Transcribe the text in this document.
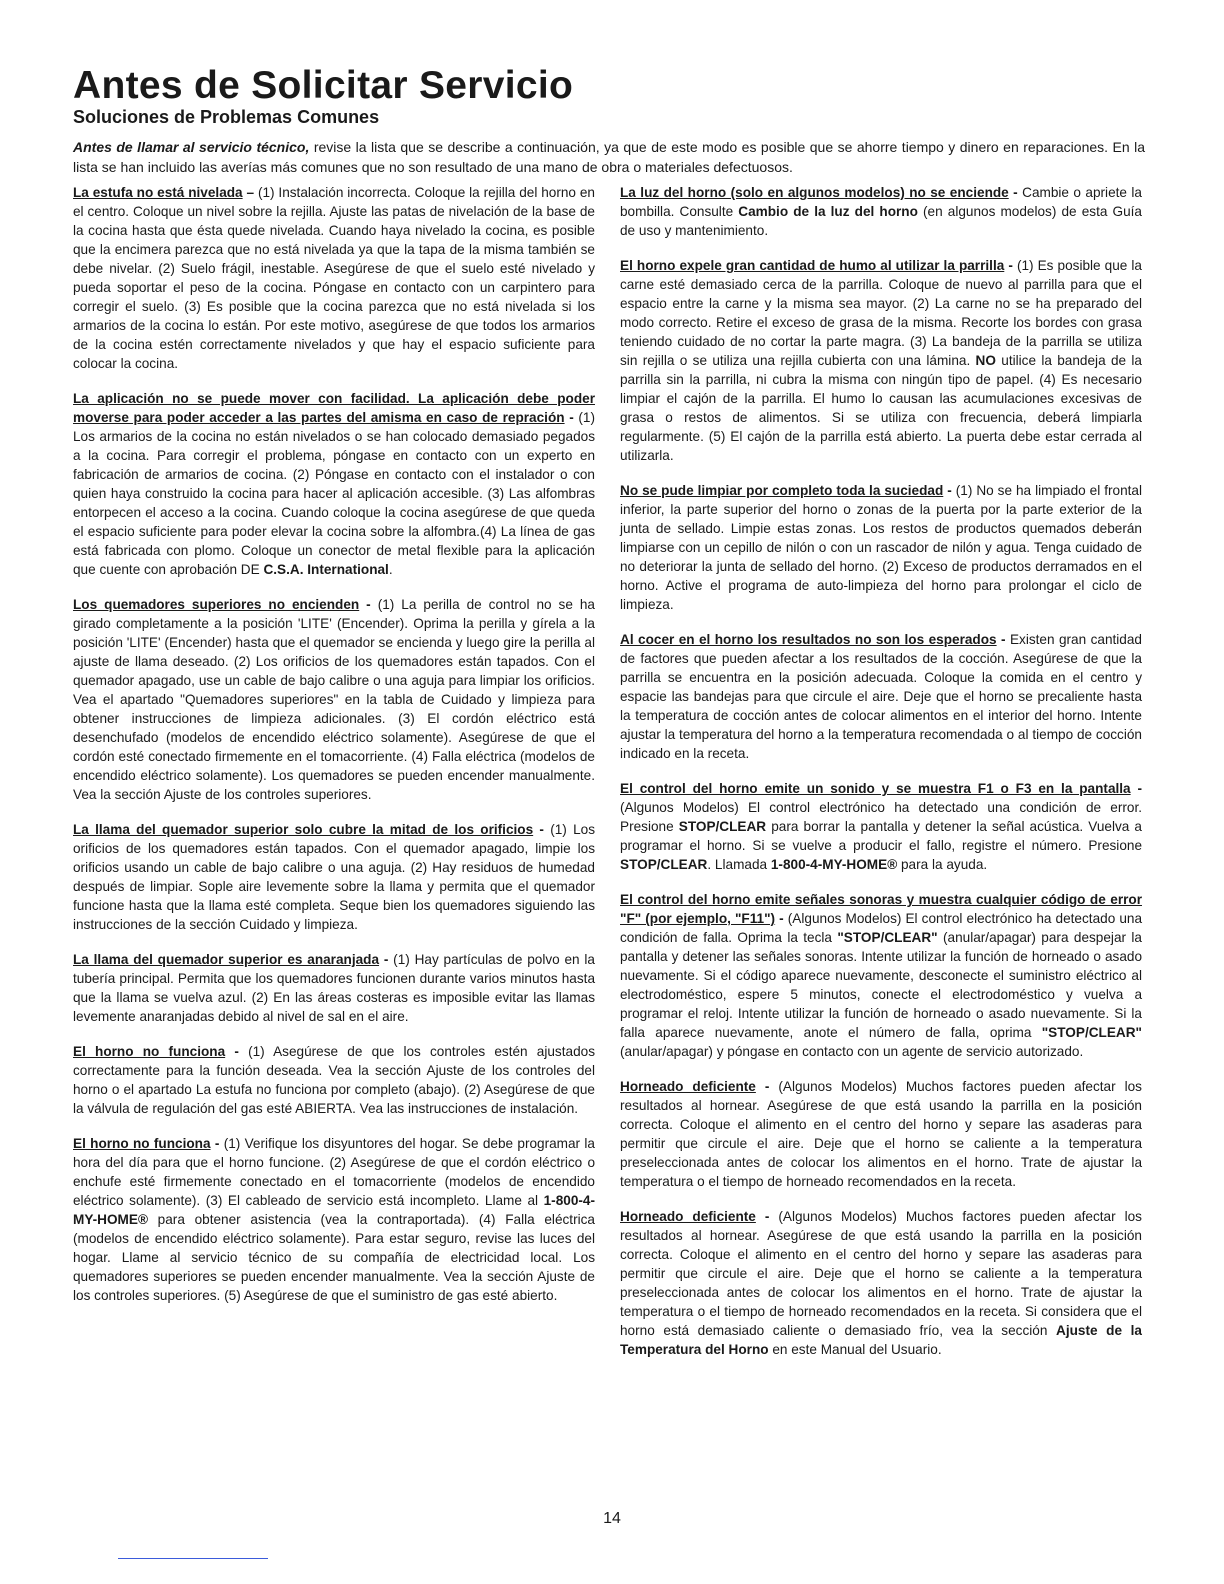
Antes de Solicitar Servicio
Soluciones de Problemas Comunes

Antes de llamar al servicio técnico, revise la lista que se describe a continuación, ya que de este modo es posible que se ahorre tiempo y dinero en reparaciones. En la lista se han incluido las averías más comunes que no son resultado de una mano de obra o materiales defectuosos.

La estufa no está nivelada – (1) Instalación incorrecta. Coloque la rejilla del horno en el centro. Coloque un nivel sobre la rejilla. Ajuste las patas de nivelación de la base de la cocina hasta que ésta quede nivelada. Cuando haya nivelado la cocina, es posible que la encimera parezca que no está nivelada ya que la tapa de la misma también se debe nivelar. (2) Suelo frágil, inestable. Asegúrese de que el suelo esté nivelado y pueda soportar el peso de la cocina. Póngase en contacto con un carpintero para corregir el suelo. (3) Es posible que la cocina parezca que no está nivelada si los armarios de la cocina lo están. Por este motivo, asegúrese de que todos los armarios de la cocina estén correctamente nivelados y que hay el espacio suficiente para colocar la cocina.

La aplicación no se puede mover con facilidad. La aplicación debe poder moverse para poder acceder a las partes del amisma en caso de repración - (1) Los armarios de la cocina no están nivelados o se han colocado demasiado pegados a la cocina. Para corregir el problema, póngase en contacto con un experto en fabricación de armarios de cocina. (2) Póngase en contacto con el instalador o con quien haya construido la cocina para hacer al aplicación accesible. (3) Las alfombras entorpecen el acceso a la cocina. Cuando coloque la cocina asegúrese de que queda el espacio suficiente para poder elevar la cocina sobre la alfombra.(4) La línea de gas está fabricada con plomo. Coloque un conector de metal flexible para la aplicación que cuente con aprobación DE C.S.A. International.

Los quemadores superiores no encienden - (1) La perilla de control no se ha girado completamente a la posición 'LITE' (Encender). Oprima la perilla y gírela a la posición 'LITE' (Encender) hasta que el quemador se encienda y luego gire la perilla al ajuste de llama deseado. (2) Los orificios de los quemadores están tapados. Con el quemador apagado, use un cable de bajo calibre o una aguja para limpiar los orificios. Vea el apartado "Quemadores superiores" en la tabla de Cuidado y limpieza para obtener instrucciones de limpieza adicionales. (3) El cordón eléctrico está desenchufado (modelos de encendido eléctrico solamente). Asegúrese de que el cordón esté conectado firmemente en el tomacorriente. (4) Falla eléctrica (modelos de encendido eléctrico solamente). Los quemadores se pueden encender manualmente. Vea la sección Ajuste de los controles superiores.

La llama del quemador superior solo cubre la mitad de los orificios - (1) Los orificios de los quemadores están tapados. Con el quemador apagado, limpie los orificios usando un cable de bajo calibre o una aguja. (2) Hay residuos de humedad después de limpiar. Sople aire levemente sobre la llama y permita que el quemador funcione hasta que la llama esté completa. Seque bien los quemadores siguiendo las instrucciones de la sección Cuidado y limpieza.

La llama del quemador superior es anaranjada - (1) Hay partículas de polvo en la tubería principal. Permita que los quemadores funcionen durante varios minutos hasta que la llama se vuelva azul. (2) En las áreas costeras es imposible evitar las llamas levemente anaranjadas debido al nivel de sal en el aire.

El horno no funciona - (1) Asegúrese de que los controles estén ajustados correctamente para la función deseada. Vea la sección Ajuste de los controles del horno o el apartado La estufa no funciona por completo (abajo). (2) Asegúrese de que la válvula de regulación del gas esté ABIERTA. Vea las instrucciones de instalación.

El horno no funciona - (1) Verifique los disyuntores del hogar. Se debe programar la hora del día para que el horno funcione. (2) Asegúrese de que el cordón eléctrico o enchufe esté firmemente conectado en el tomacorriente (modelos de encendido eléctrico solamente). (3) El cableado de servicio está incompleto. Llame al 1-800-4-MY-HOME® para obtener asistencia (vea la contraportada). (4) Falla eléctrica (modelos de encendido eléctrico solamente). Para estar seguro, revise las luces del hogar. Llame al servicio técnico de su compañía de electricidad local. Los quemadores superiores se pueden encender manualmente. Vea la sección Ajuste de los controles superiores. (5) Asegúrese de que el suministro de gas esté abierto.

La luz del horno (solo en algunos modelos) no se enciende - Cambie o apriete la bombilla. Consulte Cambio de la luz del horno (en algunos modelos) de esta Guía de uso y mantenimiento.

El horno expele gran cantidad de humo al utilizar la parrilla - (1) Es posible que la carne esté demasiado cerca de la parrilla. Coloque de nuevo al parrilla para que el espacio entre la carne y la misma sea mayor. (2) La carne no se ha preparado del modo correcto. Retire el exceso de grasa de la misma. Recorte los bordes con grasa teniendo cuidado de no cortar la parte magra. (3) La bandeja de la parrilla se utiliza sin rejilla o se utiliza una rejilla cubierta con una lámina. NO utilice la bandeja de la parrilla sin la parrilla, ni cubra la misma con ningún tipo de papel. (4) Es necesario limpiar el cajón de la parrilla. El humo lo causan las acumulaciones excesivas de grasa o restos de alimentos. Si se utiliza con frecuencia, deberá limpiarla regularmente. (5) El cajón de la parrilla está abierto. La puerta debe estar cerrada al utilizarla.

No se pude limpiar por completo toda la suciedad - (1) No se ha limpiado el frontal inferior, la parte superior del horno o zonas de la puerta por la parte exterior de la junta de sellado. Limpie estas zonas. Los restos de productos quemados deberán limpiarse con un cepillo de nilón o con un rascador de nilón y agua. Tenga cuidado de no deteriorar la junta de sellado del horno. (2) Exceso de productos derramados en el horno. Active el programa de auto-limpieza del horno para prolongar el ciclo de limpieza.

Al cocer en el horno los resultados no son los esperados - Existen gran cantidad de factores que pueden afectar a los resultados de la cocción. Asegúrese de que la parrilla se encuentra en la posición adecuada. Coloque la comida en el centro y espacie las bandejas para que circule el aire. Deje que el horno se precaliente hasta la temperatura de cocción antes de colocar alimentos en el interior del horno. Intente ajustar la temperatura del horno a la temperatura recomendada o al tiempo de cocción indicado en la receta.

El control del horno emite un sonido y se muestra F1 o F3 en la pantalla - (Algunos Modelos) El control electrónico ha detectado una condición de error. Presione STOP/CLEAR para borrar la pantalla y detener la señal acústica. Vuelva a programar el horno. Si se vuelve a producir el fallo, registre el número. Presione STOP/CLEAR. Llamada 1-800-4-MY-HOME® para la ayuda.

El control del horno emite señales sonoras y muestra cualquier código de error "F" (por ejemplo, "F11") - (Algunos Modelos) El control electrónico ha detectado una condición de falla. Oprima la tecla "STOP/CLEAR" (anular/apagar) para despejar la pantalla y detener las señales sonoras. Intente utilizar la función de horneado o asado nuevamente. Si el código aparece nuevamente, desconecte el suministro eléctrico al electrodoméstico, espere 5 minutos, conecte el electrodoméstico y vuelva a programar el reloj. Intente utilizar la función de horneado o asado nuevamente. Si la falla aparece nuevamente, anote el número de falla, oprima "STOP/CLEAR" (anular/apagar) y póngase en contacto con un agente de servicio autorizado.

Horneado deficiente - (Algunos Modelos) Muchos factores pueden afectar los resultados al hornear. Asegúrese de que está usando la parrilla en la posición correcta. Coloque el alimento en el centro del horno y separe las asaderas para permitir que circule el aire. Deje que el horno se caliente a la temperatura preseleccionada antes de colocar los alimentos en el horno. Trate de ajustar la temperatura o el tiempo de horneado recomendados en la receta.

Horneado deficiente - (Algunos Modelos) Muchos factores pueden afectar los resultados al hornear. Asegúrese de que está usando la parrilla en la posición correcta. Coloque el alimento en el centro del horno y separe las asaderas para permitir que circule el aire. Deje que el horno se caliente a la temperatura preseleccionada antes de colocar los alimentos en el horno. Trate de ajustar la temperatura o el tiempo de horneado recomendados en la receta. Si considera que el horno está demasiado caliente o demasiado frío, vea la sección Ajuste de la Temperatura del Horno en este Manual del Usuario.

14
